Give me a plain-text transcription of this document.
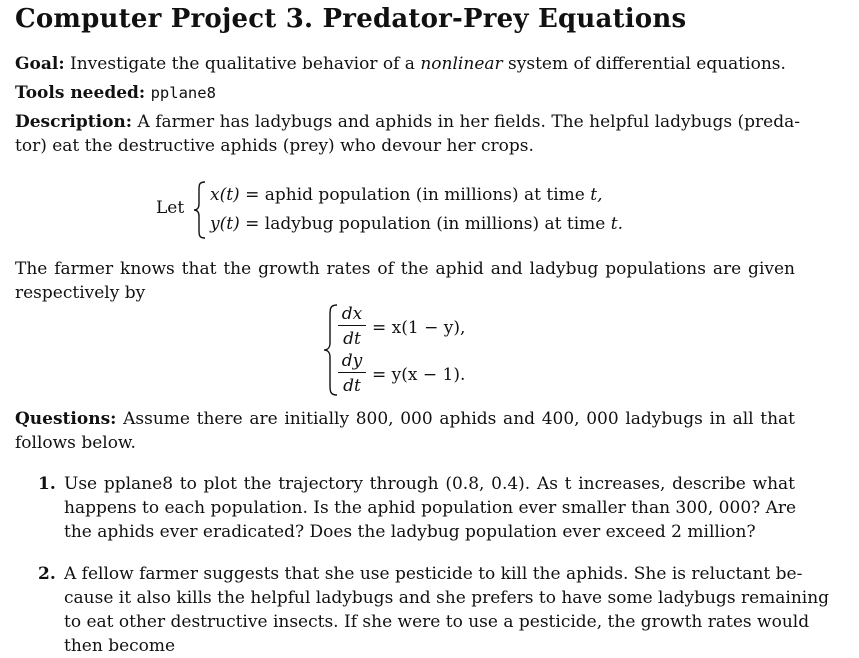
Computer Project 3. Predator-Prey Equations
Goal: Investigate the qualitative behavior of a nonlinear system of differential equations.
Tools needed: pplane8
Description: A farmer has ladybugs and aphids in her fields. The helpful ladybugs (preda-
tor) eat the destructive aphids (prey) who devour her crops.
Let
x(t) = aphid population (in millions) at time t,
y(t) = ladybug population (in millions) at time t.
The farmer knows that the growth rates of the aphid and ladybug populations are given
respectively by
dx
dt
= x(1 − y),
dy
dt
= y(x − 1).
Questions: Assume there are initially 800, 000 aphids and 400, 000 ladybugs in all that
follows below.
1. Use pplane8 to plot the trajectory through (0.8, 0.4). As t increases, describe what
happens to each population. Is the aphid population ever smaller than 300, 000? Are
the aphids ever eradicated? Does the ladybug population ever exceed 2 million?
2. A fellow farmer suggests that she use pesticide to kill the aphids. She is reluctant be-
cause it also kills the helpful ladybugs and she prefers to have some ladybugs remaining
to eat other destructive insects. If she were to use a pesticide, the growth rates would
then become
